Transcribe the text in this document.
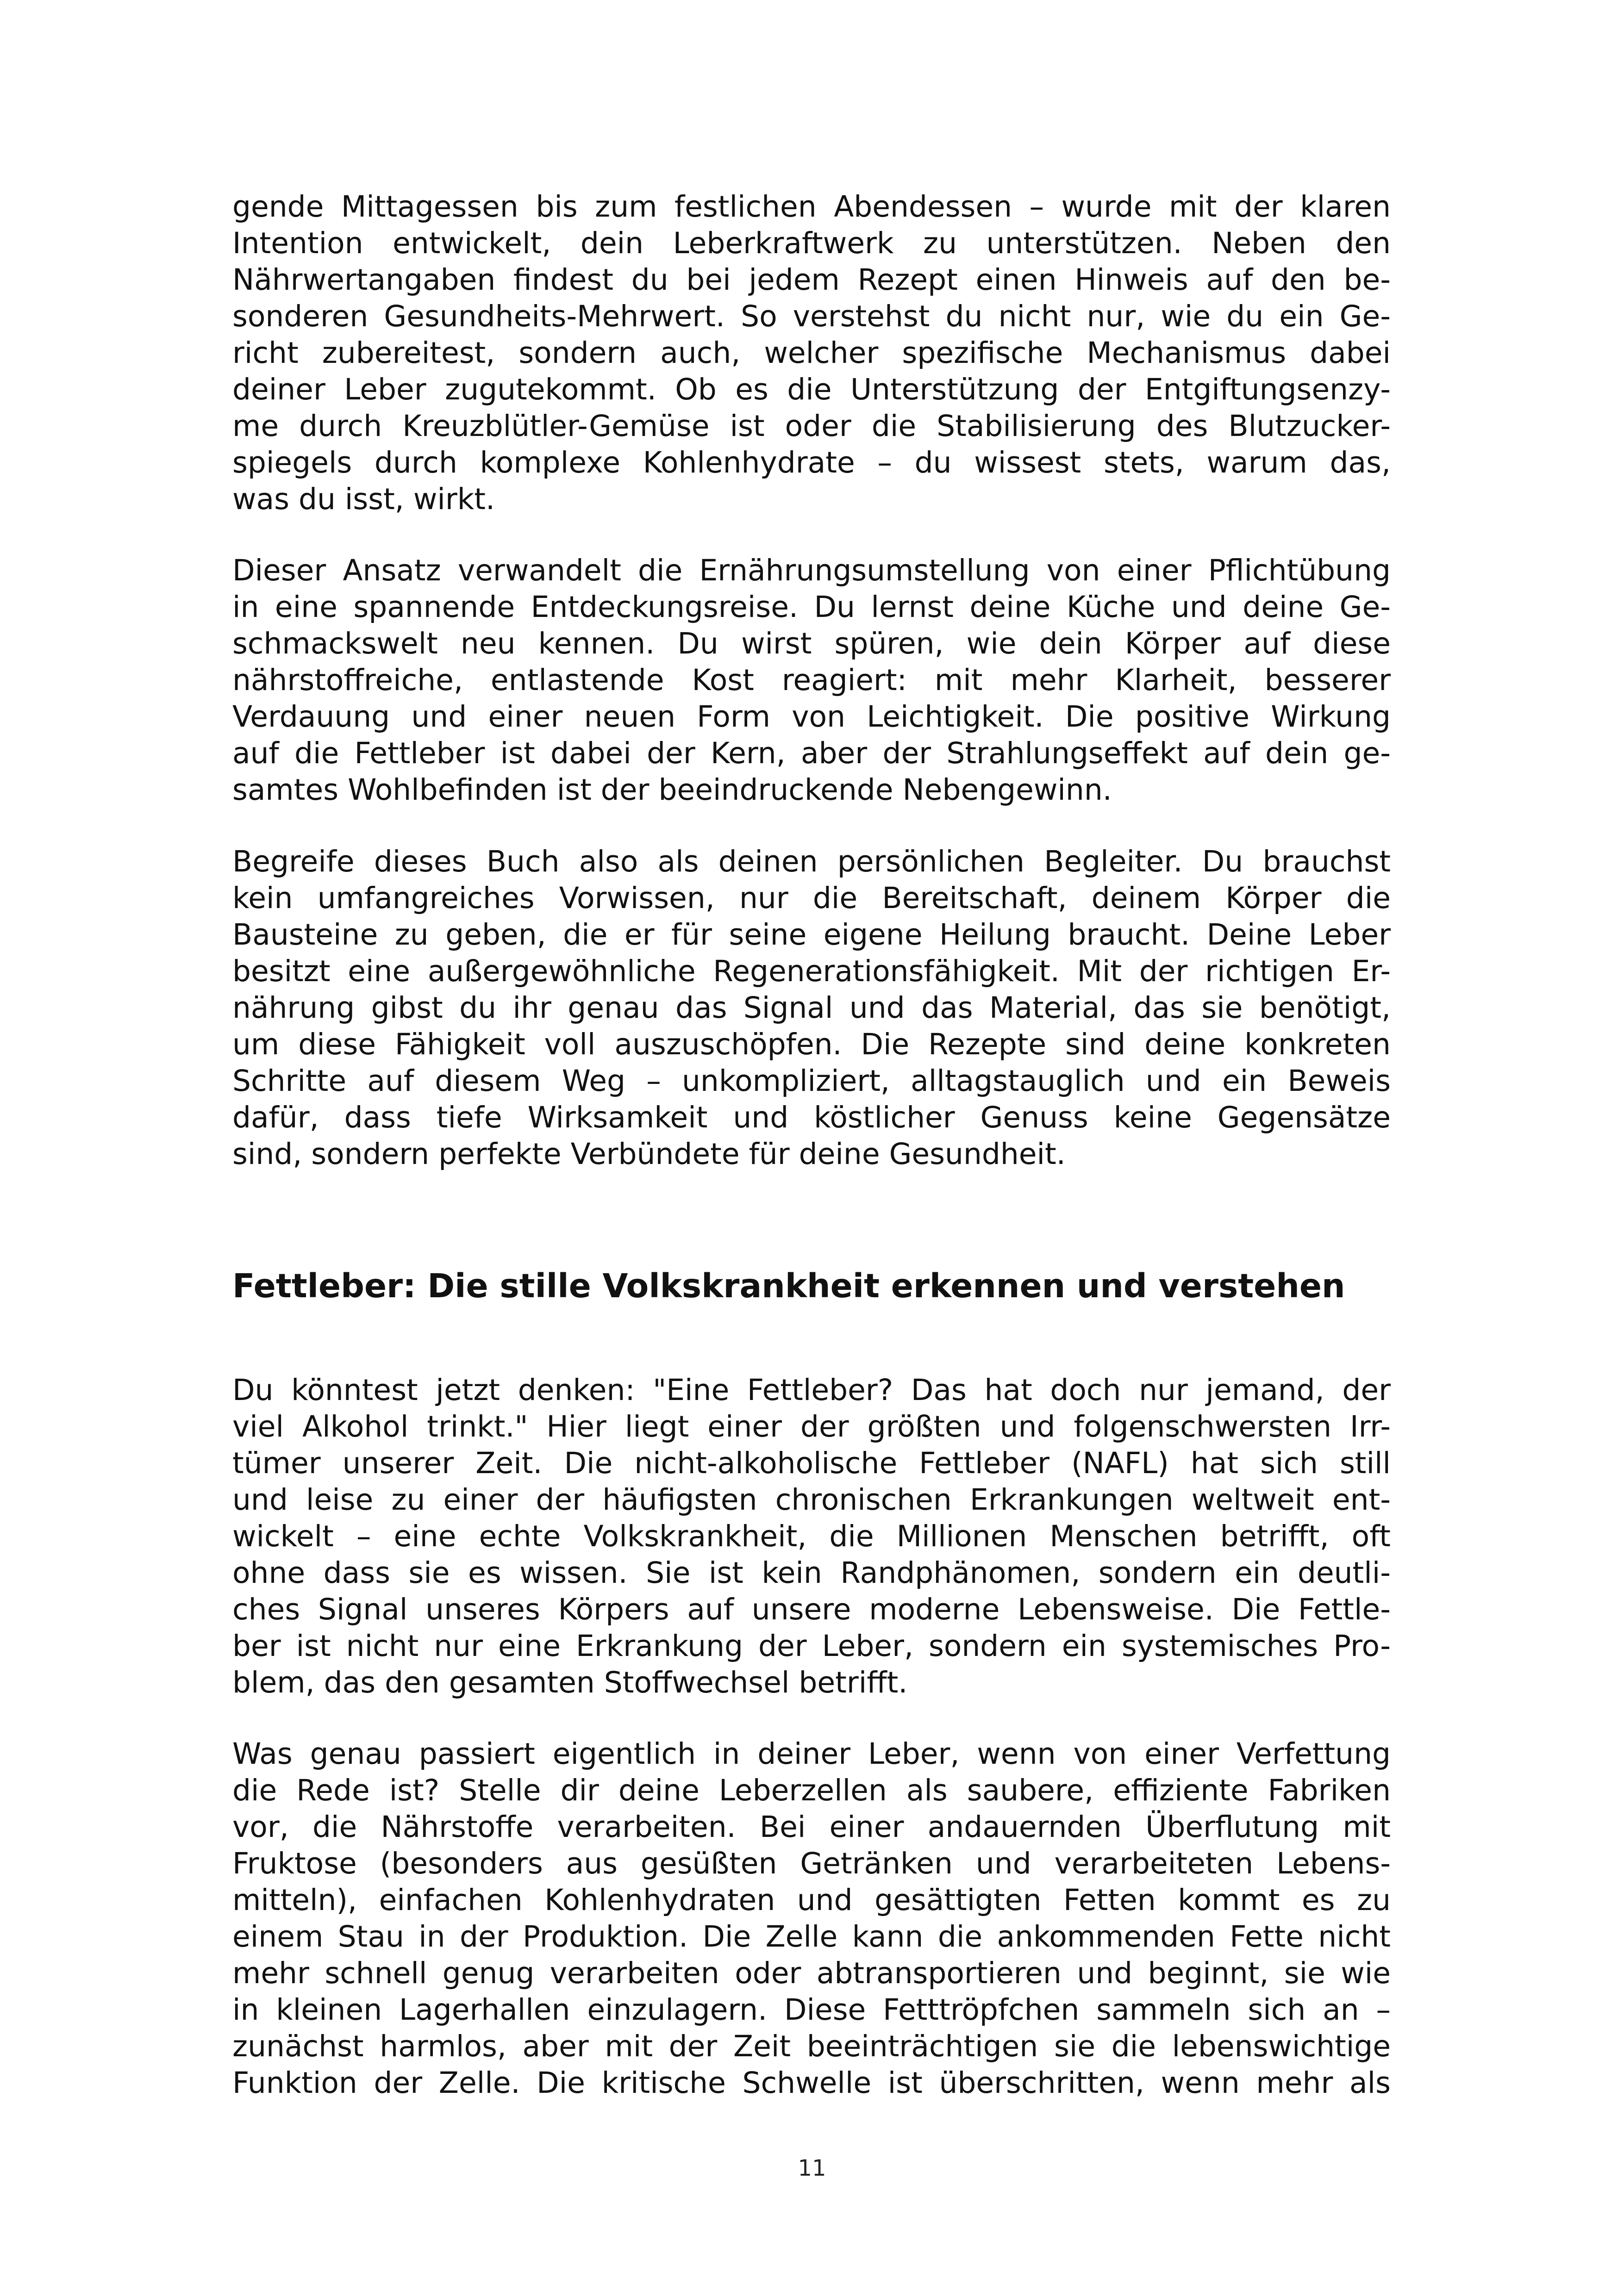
gende Mittagessen bis zum festlichen Abendessen – wurde mit der klaren
Intention entwickelt, dein Leberkraftwerk zu unterstützen. Neben den
Nährwertangaben findest du bei jedem Rezept einen Hinweis auf den be-
sonderen Gesundheits-Mehrwert. So verstehst du nicht nur, wie du ein Ge-
richt zubereitest, sondern auch, welcher spezifische Mechanismus dabei
deiner Leber zugutekommt. Ob es die Unterstützung der Entgiftungsenzy-
me durch Kreuzblütler-Gemüse ist oder die Stabilisierung des Blutzucker-
spiegels durch komplexe Kohlenhydrate – du wissest stets, warum das,
was du isst, wirkt.
Dieser Ansatz verwandelt die Ernährungsumstellung von einer Pflichtübung
in eine spannende Entdeckungsreise. Du lernst deine Küche und deine Ge-
schmackswelt neu kennen. Du wirst spüren, wie dein Körper auf diese
nährstoffreiche, entlastende Kost reagiert: mit mehr Klarheit, besserer
Verdauung und einer neuen Form von Leichtigkeit. Die positive Wirkung
auf die Fettleber ist dabei der Kern, aber der Strahlungseffekt auf dein ge-
samtes Wohlbefinden ist der beeindruckende Nebengewinn.
Begreife dieses Buch also als deinen persönlichen Begleiter. Du brauchst
kein umfangreiches Vorwissen, nur die Bereitschaft, deinem Körper die
Bausteine zu geben, die er für seine eigene Heilung braucht. Deine Leber
besitzt eine außergewöhnliche Regenerationsfähigkeit. Mit der richtigen Er-
nährung gibst du ihr genau das Signal und das Material, das sie benötigt,
um diese Fähigkeit voll auszuschöpfen. Die Rezepte sind deine konkreten
Schritte auf diesem Weg – unkompliziert, alltagstauglich und ein Beweis
dafür, dass tiefe Wirksamkeit und köstlicher Genuss keine Gegensätze
sind, sondern perfekte Verbündete für deine Gesundheit.
Fettleber: Die stille Volkskrankheit erkennen und verstehen
Du könntest jetzt denken: "Eine Fettleber? Das hat doch nur jemand, der
viel Alkohol trinkt." Hier liegt einer der größten und folgenschwersten Irr-
tümer unserer Zeit. Die nicht-alkoholische Fettleber (NAFL) hat sich still
und leise zu einer der häufigsten chronischen Erkrankungen weltweit ent-
wickelt – eine echte Volkskrankheit, die Millionen Menschen betrifft, oft
ohne dass sie es wissen. Sie ist kein Randphänomen, sondern ein deutli-
ches Signal unseres Körpers auf unsere moderne Lebensweise. Die Fettle-
ber ist nicht nur eine Erkrankung der Leber, sondern ein systemisches Pro-
blem, das den gesamten Stoffwechsel betrifft.
Was genau passiert eigentlich in deiner Leber, wenn von einer Verfettung
die Rede ist? Stelle dir deine Leberzellen als saubere, effiziente Fabriken
vor, die Nährstoffe verarbeiten. Bei einer andauernden Überflutung mit
Fruktose (besonders aus gesüßten Getränken und verarbeiteten Lebens-
mitteln), einfachen Kohlenhydraten und gesättigten Fetten kommt es zu
einem Stau in der Produktion. Die Zelle kann die ankommenden Fette nicht
mehr schnell genug verarbeiten oder abtransportieren und beginnt, sie wie
in kleinen Lagerhallen einzulagern. Diese Fetttröpfchen sammeln sich an –
zunächst harmlos, aber mit der Zeit beeinträchtigen sie die lebenswichtige
Funktion der Zelle. Die kritische Schwelle ist überschritten, wenn mehr als
11
